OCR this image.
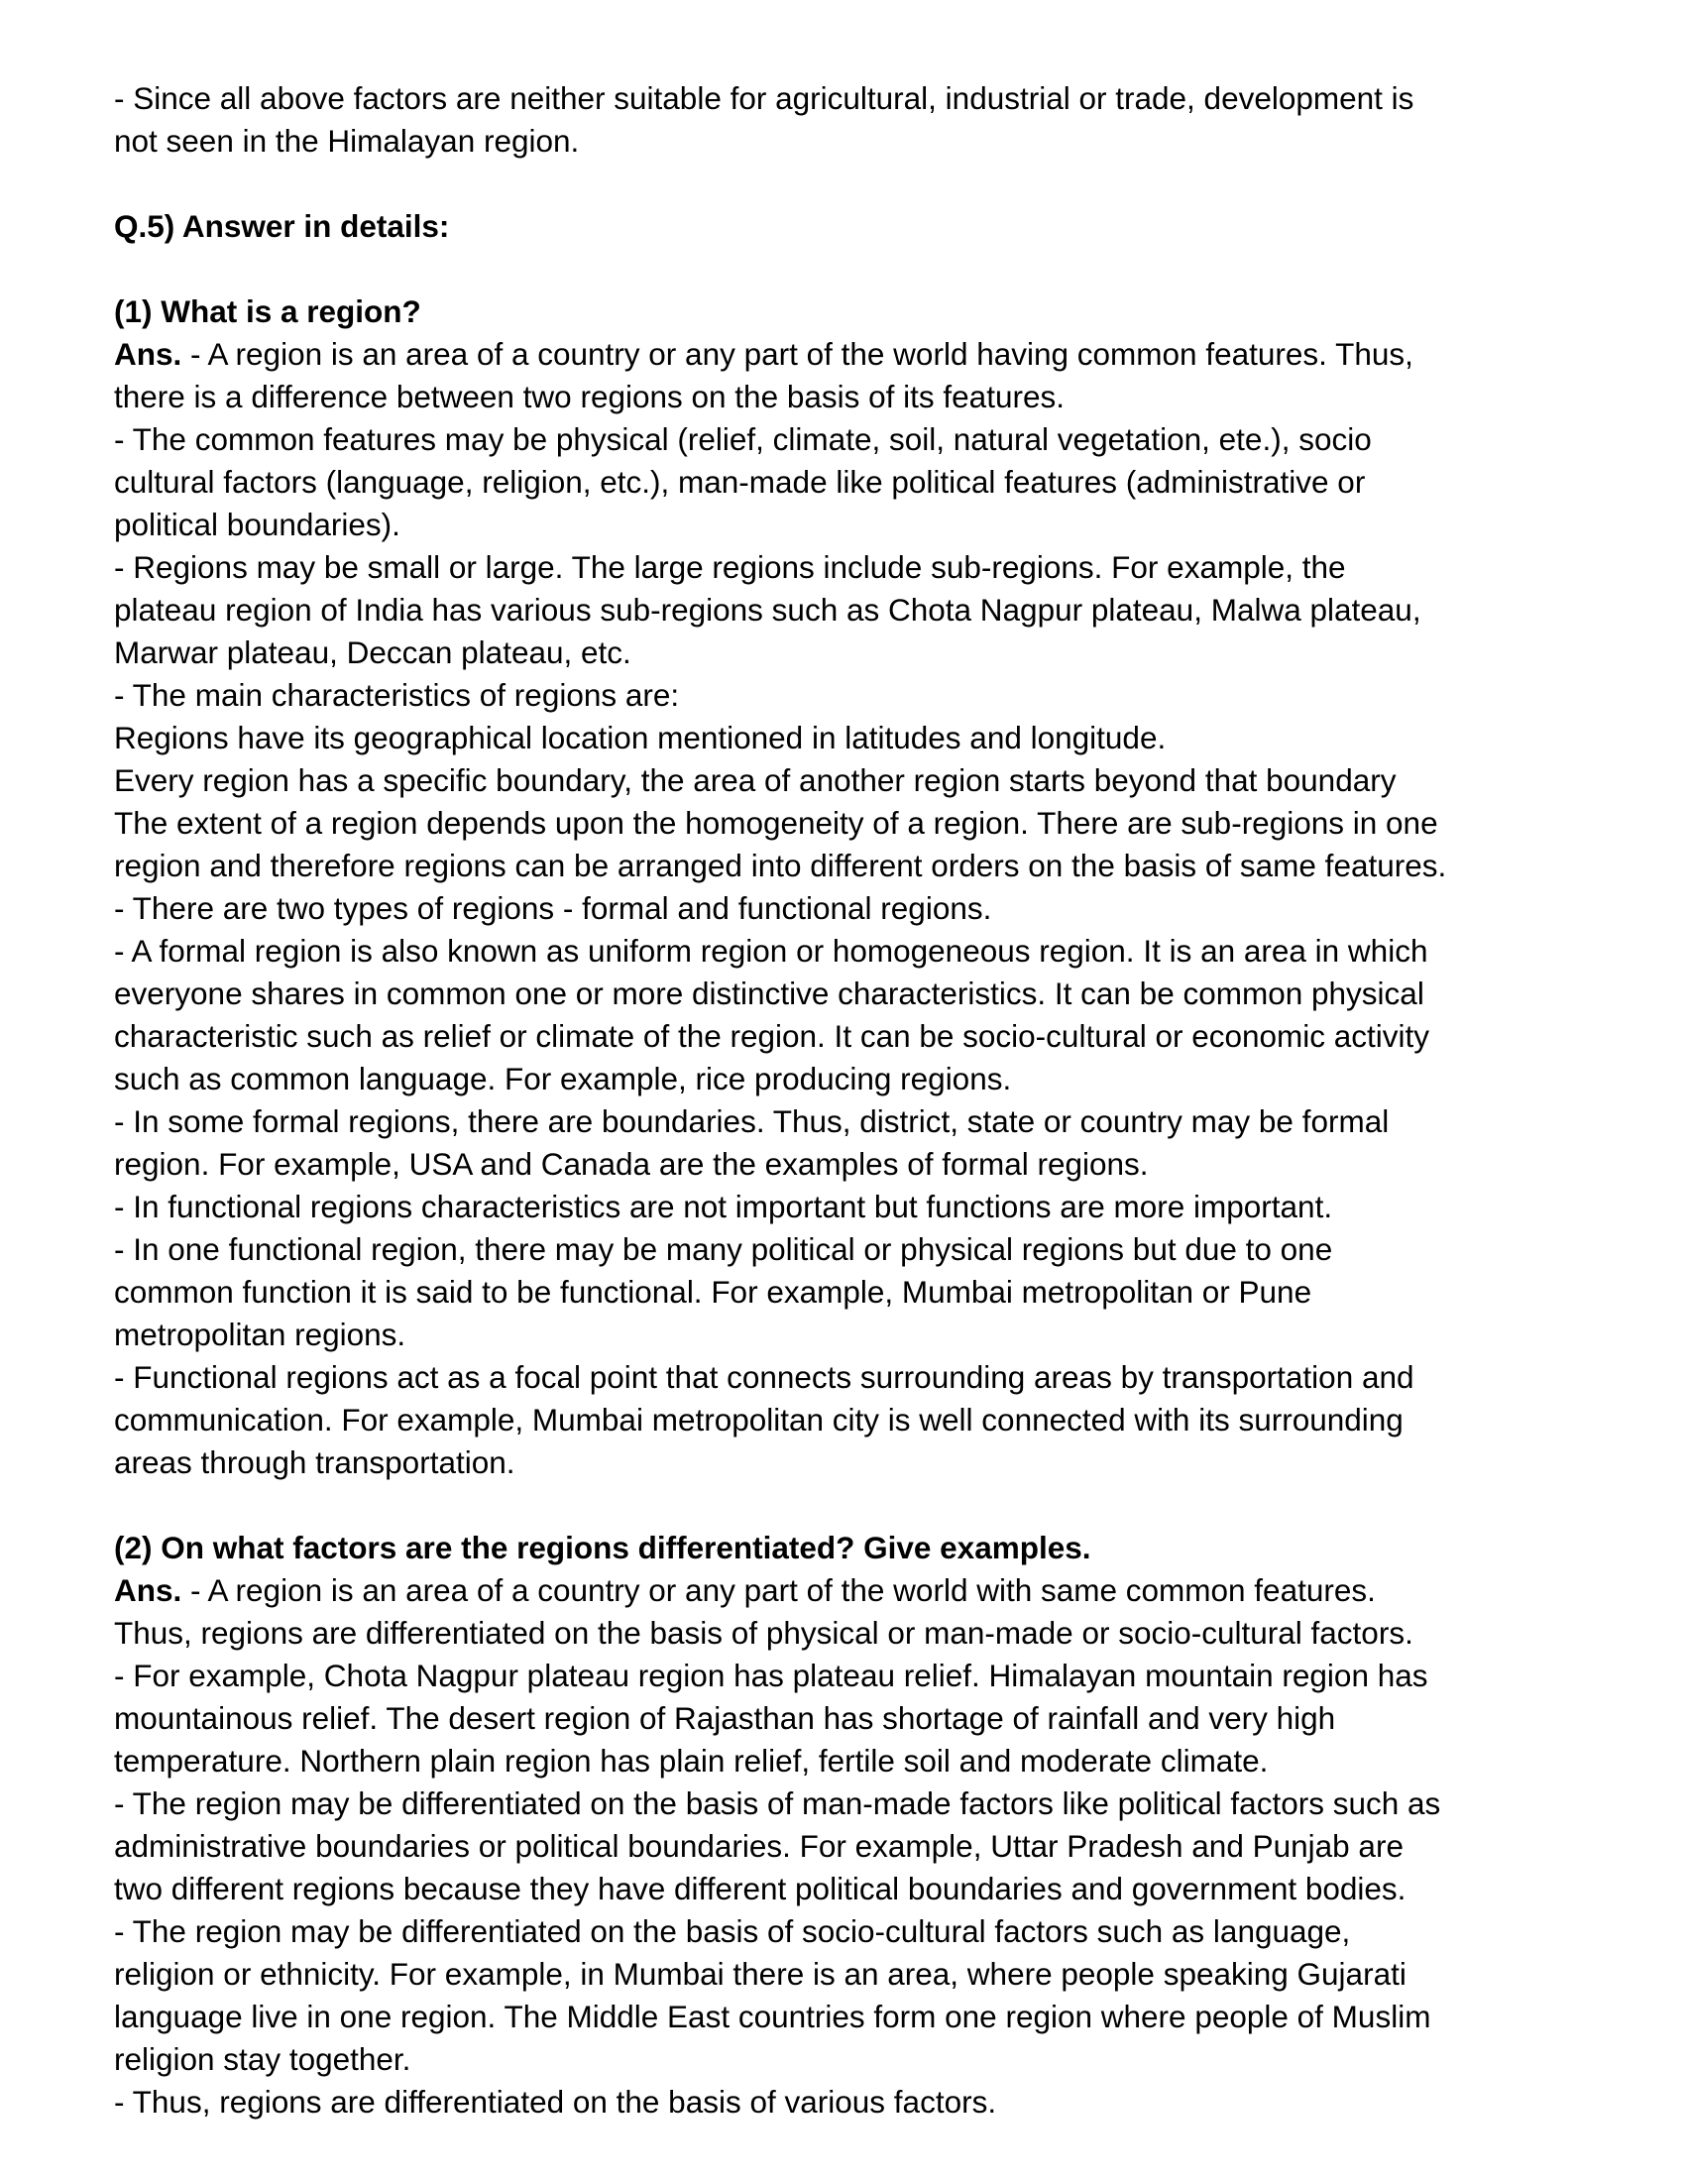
- Since all above factors are neither suitable for agricultural, industrial or trade, development is
not seen in the Himalayan region.
Q.5) Answer in details:
(1) What is a region?
Ans. - A region is an area of a country or any part of the world having common features. Thus,
there is a difference between two regions on the basis of its features.
- The common features may be physical (relief, climate, soil, natural vegetation, ete.), socio
cultural factors (language, religion, etc.), man-made like political features (administrative or
political boundaries).
- Regions may be small or large. The large regions include sub-regions. For example, the
plateau region of India has various sub-regions such as Chota Nagpur plateau, Malwa plateau,
Marwar plateau, Deccan plateau, etc.
- The main characteristics of regions are:
Regions have its geographical location mentioned in latitudes and longitude.
Every region has a specific boundary, the area of another region starts beyond that boundary
The extent of a region depends upon the homogeneity of a region. There are sub-regions in one
region and therefore regions can be arranged into different orders on the basis of same features.
- There are two types of regions - formal and functional regions.
- A formal region is also known as uniform region or homogeneous region. It is an area in which
everyone shares in common one or more distinctive characteristics. It can be common physical
characteristic such as relief or climate of the region. It can be socio-cultural or economic activity
such as common language. For example, rice producing regions.
- In some formal regions, there are boundaries. Thus, district, state or country may be formal
region. For example, USA and Canada are the examples of formal regions.
- In functional regions characteristics are not important but functions are more important.
- In one functional region, there may be many political or physical regions but due to one
common function it is said to be functional. For example, Mumbai metropolitan or Pune
metropolitan regions.
- Functional regions act as a focal point that connects surrounding areas by transportation and
communication. For example, Mumbai metropolitan city is well connected with its surrounding
areas through transportation.
(2) On what factors are the regions differentiated? Give examples.
Ans. - A region is an area of a country or any part of the world with same common features.
Thus, regions are differentiated on the basis of physical or man-made or socio-cultural factors.
- For example, Chota Nagpur plateau region has plateau relief. Himalayan mountain region has
mountainous relief. The desert region of Rajasthan has shortage of rainfall and very high
temperature. Northern plain region has plain relief, fertile soil and moderate climate.
- The region may be differentiated on the basis of man-made factors like political factors such as
administrative boundaries or political boundaries. For example, Uttar Pradesh and Punjab are
two different regions because they have different political boundaries and government bodies.
- The region may be differentiated on the basis of socio-cultural factors such as language,
religion or ethnicity. For example, in Mumbai there is an area, where people speaking Gujarati
language live in one region. The Middle East countries form one region where people of Muslim
religion stay together.
- Thus, regions are differentiated on the basis of various factors.
